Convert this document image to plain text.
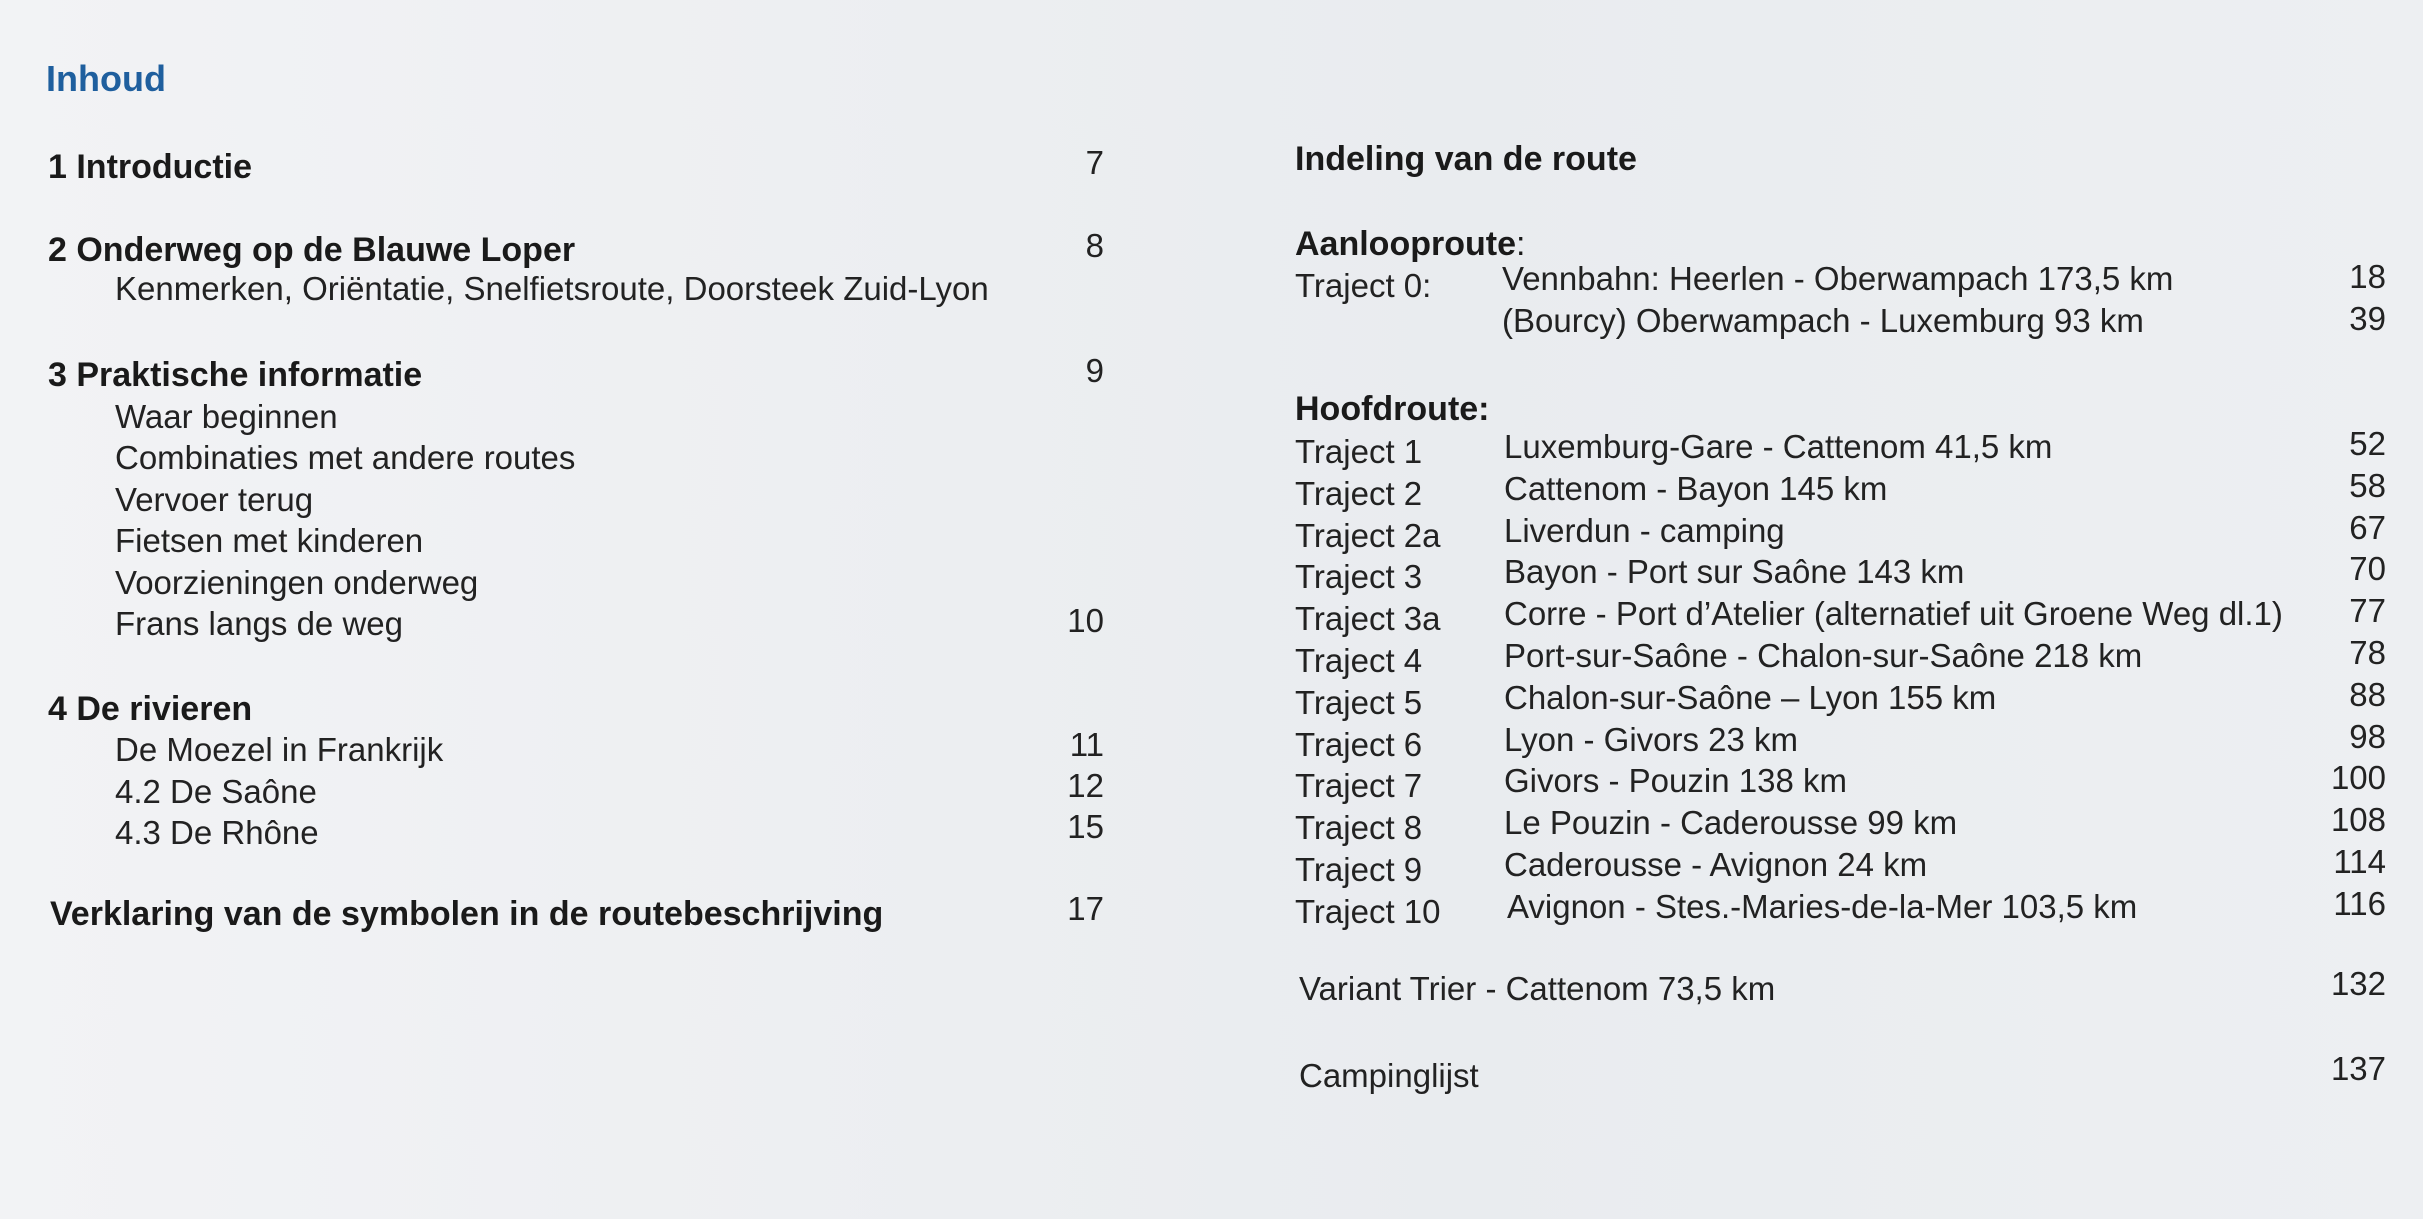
Inhoud
1 Introductie	7
2 Onderweg op de Blauwe Loper	8
Kenmerken, Oriëntatie, Snelfietsroute, Doorsteek Zuid-Lyon
3 Praktische informatie	9
Waar beginnen
Combinaties met andere routes
Vervoer terug
Fietsen met kinderen
Voorzieningen onderweg
Frans langs de weg	10
4 De rivieren
De Moezel in Frankrijk	11
4.2 De Saône	12
4.3 De Rhône	15
Verklaring van de symbolen in de routebeschrijving	17
Indeling van de route
Aanlooproute:
Traject 0: Vennbahn: Heerlen - Oberwampach 173,5 km	18
(Bourcy) Oberwampach - Luxemburg 93 km	39
Hoofdroute:
Traject 1 Luxemburg-Gare - Cattenom 41,5 km	52
Traject 2 Cattenom - Bayon 145 km	58
Traject 2a Liverdun - camping	67
Traject 3 Bayon - Port sur Saône 143 km	70
Traject 3a Corre - Port d’Atelier (alternatief uit Groene Weg dl.1)	77
Traject 4 Port-sur-Saône - Chalon-sur-Saône 218 km	78
Traject 5 Chalon-sur-Saône – Lyon 155 km	88
Traject 6 Lyon - Givors 23 km	98
Traject 7 Givors - Pouzin 138 km	100
Traject 8 Le Pouzin - Caderousse 99 km	108
Traject 9 Caderousse - Avignon 24 km	114
Traject 10 Avignon - Stes.-Maries-de-la-Mer 103,5 km	116
Variant Trier - Cattenom 73,5 km	132
Campinglijst	137
